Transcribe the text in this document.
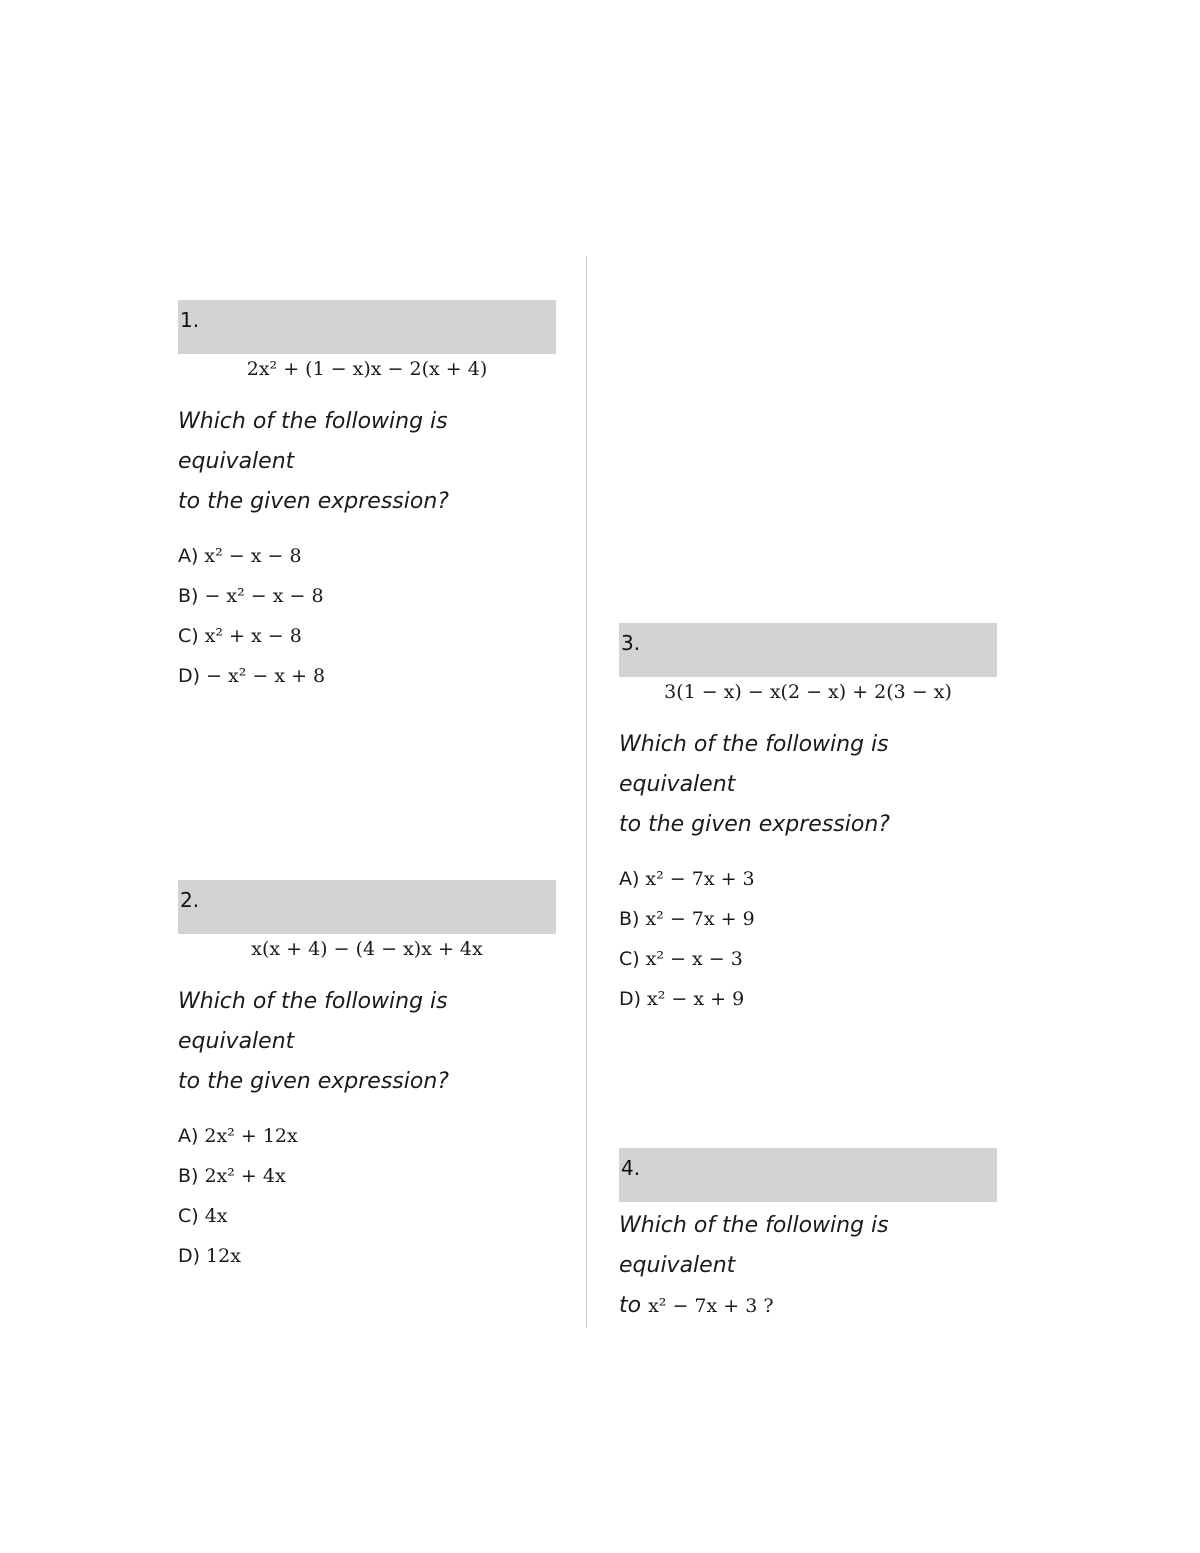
1.
2x² + (1 − x)x − 2(x + 4)
Which of the following is equivalent
to the given expression?
A) x² − x − 8
B) − x² − x − 8
C) x² + x − 8
D) − x² − x + 8
2.
x(x + 4) − (4 − x)x + 4x
Which of the following is equivalent
to the given expression?
A) 2x² + 12x
B) 2x² + 4x
C) 4x
D) 12x
3.
3(1 − x) − x(2 − x) + 2(3 − x)
Which of the following is equivalent
to the given expression?
A) x² − 7x + 3
B) x² − 7x + 9
C) x² − x − 3
D) x² − x + 9
4.
Which of the following is equivalent
to x² − 7x + 3 ?
